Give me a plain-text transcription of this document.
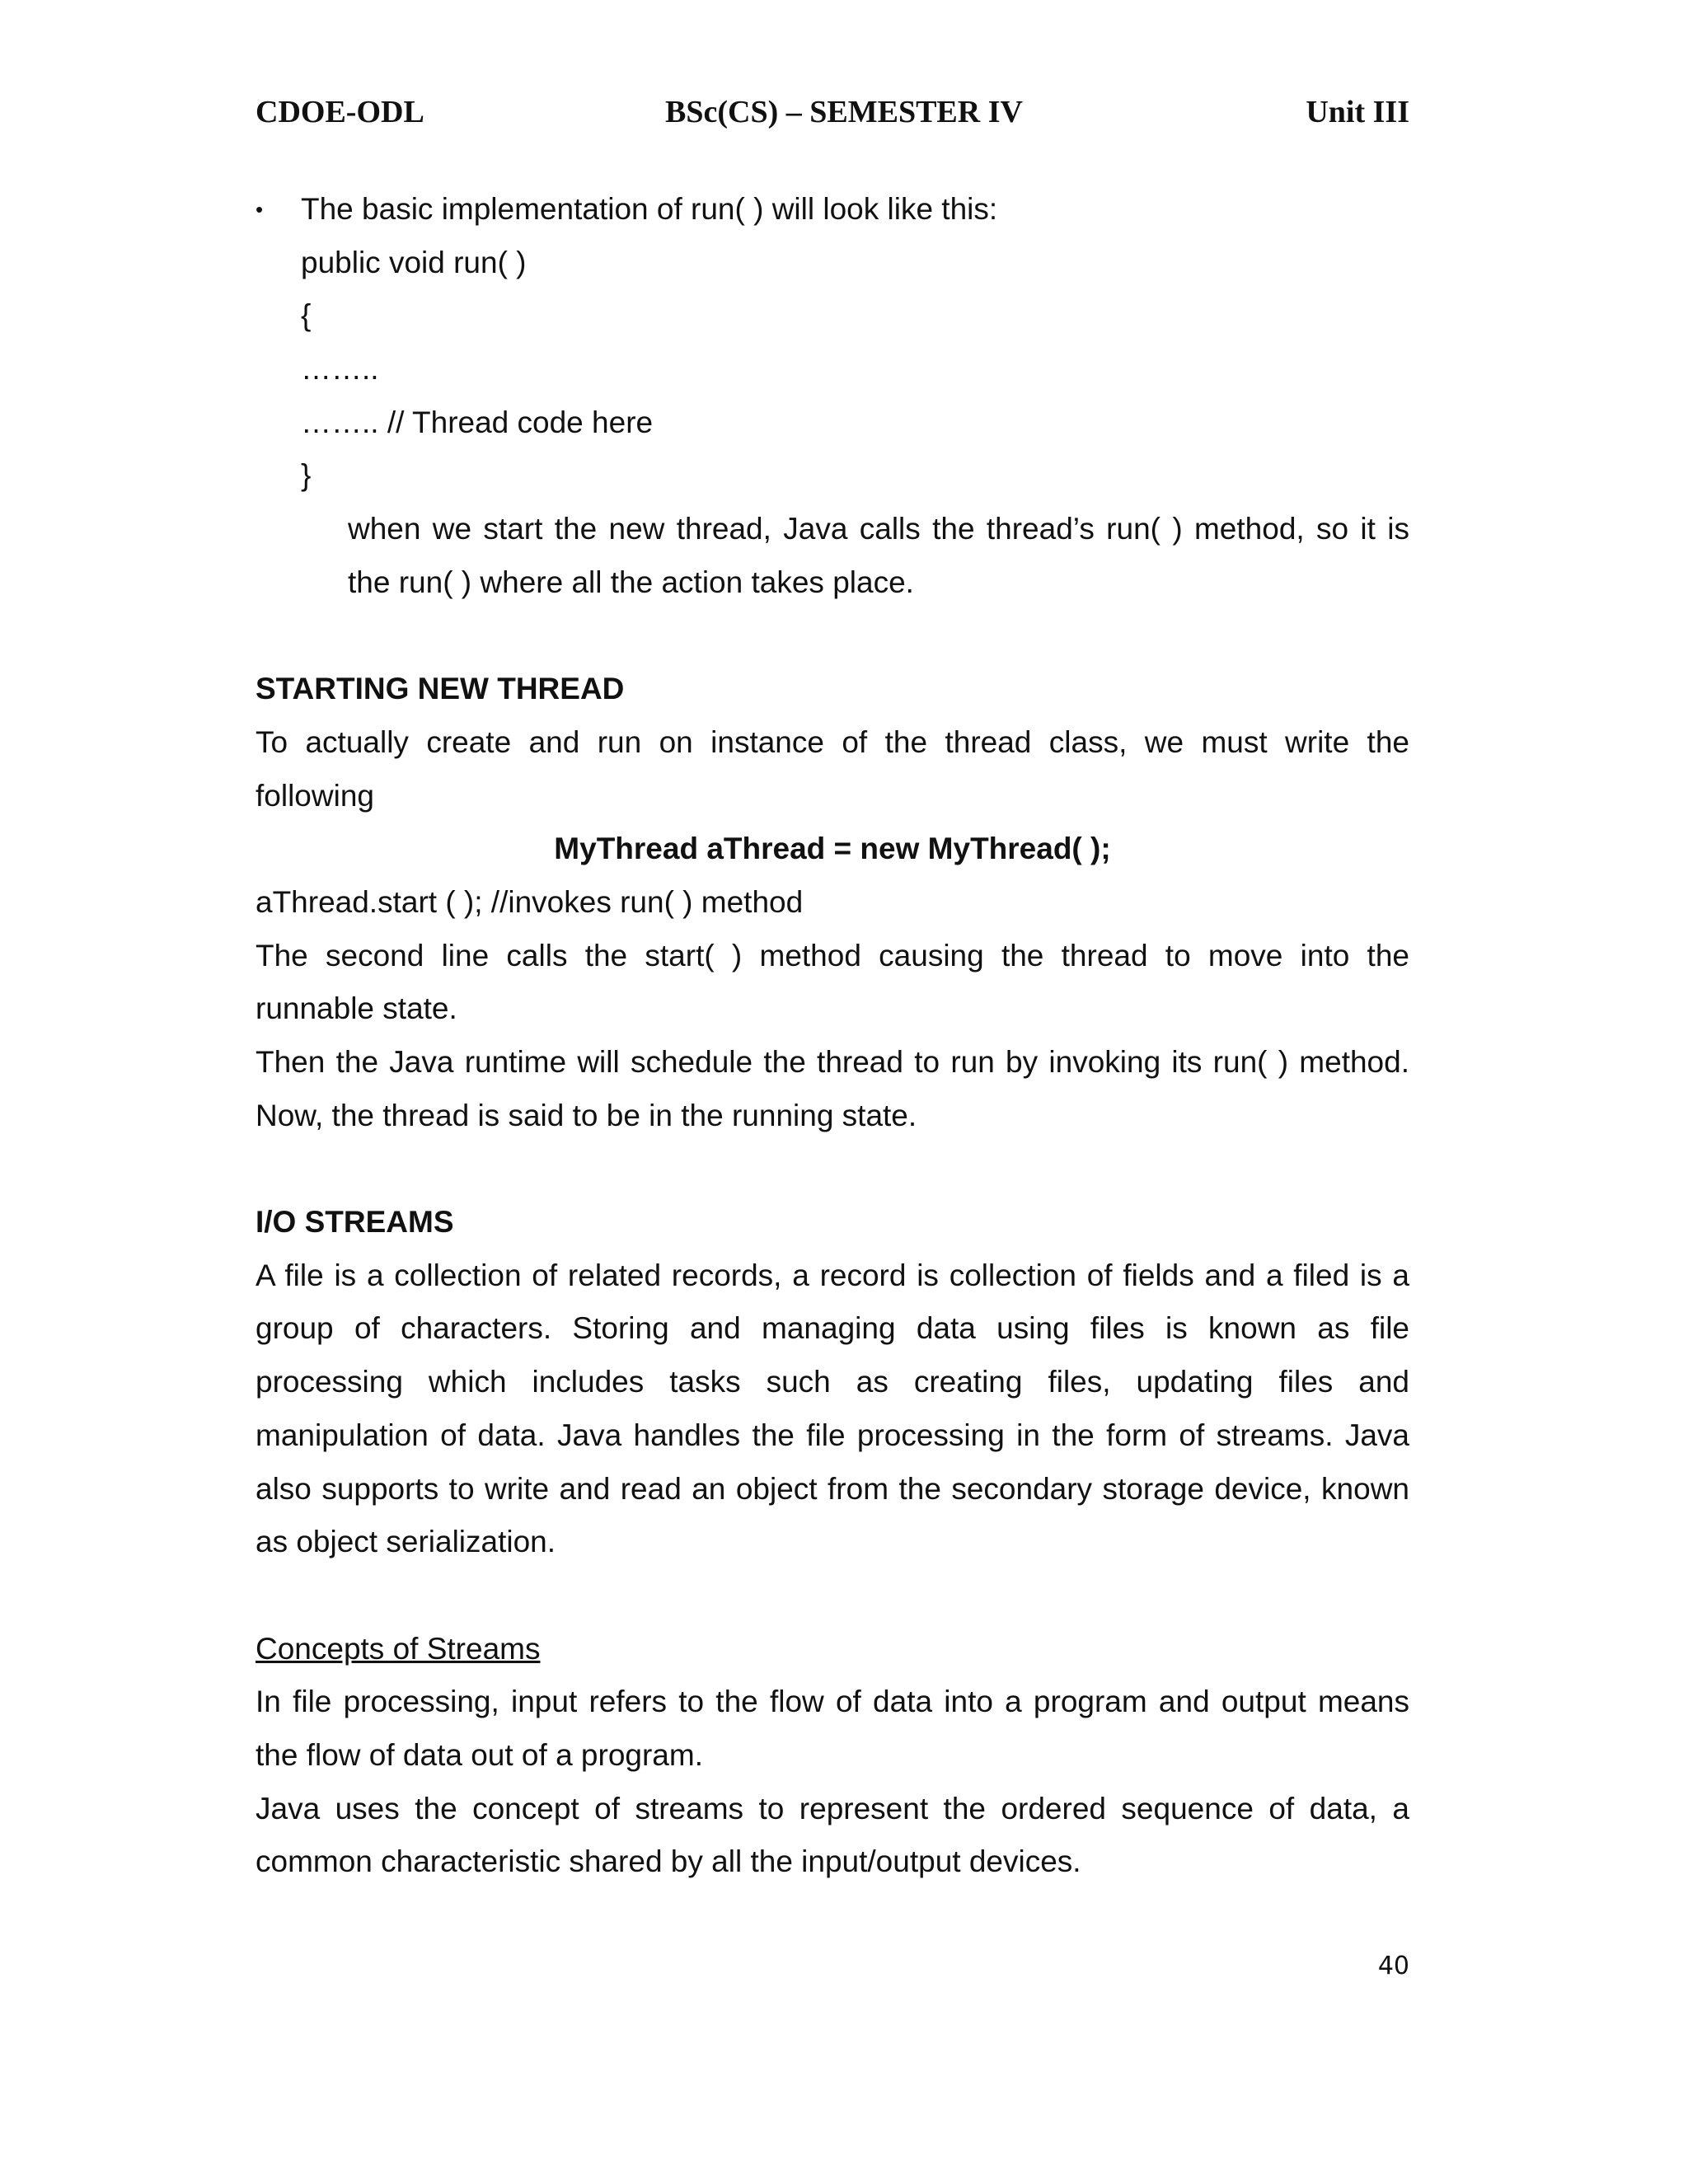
CDOE-ODL	BSc(CS) – SEMESTER IV	Unit III
•	The basic implementation of run( ) will look like this:
public void run( )
{
……..
…….. // Thread code here
}
when we start the new thread, Java calls the thread’s run( ) method, so it is
the run( ) where all the action takes place.
STARTING NEW THREAD
To actually create and run on instance of the thread class, we must write the
following
MyThread aThread = new MyThread( );
aThread.start ( ); //invokes run( ) method
The second line calls the start( ) method causing the thread to move into the
runnable state.
Then the Java runtime will schedule the thread to run by invoking its run( ) method.
Now, the thread is said to be in the running state.
I/O STREAMS
A file is a collection of related records, a record is collection of fields and a filed is a
group of characters. Storing and managing data using files is known as file
processing which includes tasks such as creating files, updating files and
manipulation of data. Java handles the file processing in the form of streams. Java
also supports to write and read an object from the secondary storage device, known
as object serialization.
Concepts of Streams
In file processing, input refers to the flow of data into a program and output means
the flow of data out of a program.
Java uses the concept of streams to represent the ordered sequence of data, a
common characteristic shared by all the input/output devices.
40
